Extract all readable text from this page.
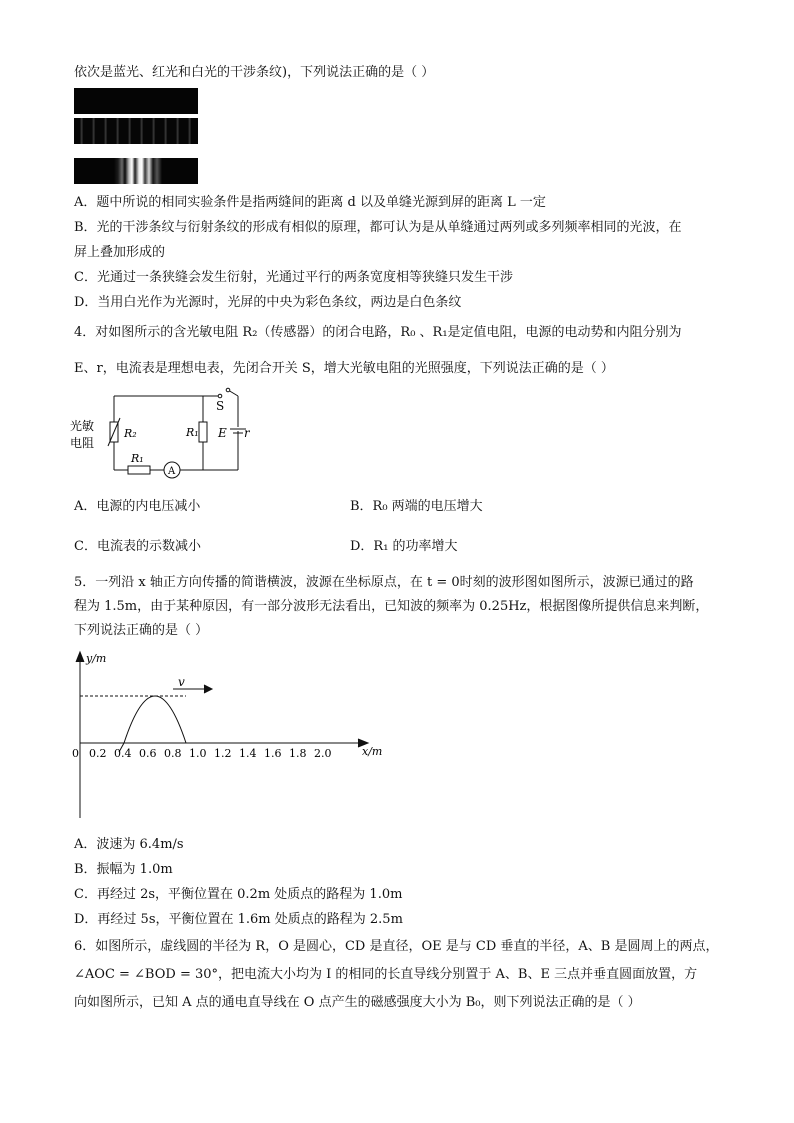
依次是蓝光、红光和白光的干涉条纹)，下列说法正确的是（ ）
A．题中所说的相同实验条件是指两缝间的距离 d 以及单缝光源到屏的距离 L 一定
B．光的干涉条纹与衍射条纹的形成有相似的原理，都可认为是从单缝通过两列或多列频率相同的光波，在
屏上叠加形成的
C．光通过一条狭缝会发生衍射，光通过平行的两条宽度相等狭缝只发生干涉
D．当用白光作为光源时，光屏的中央为彩色条纹，两边是白色条纹
4．对如图所示的含光敏电阻 R₂（传感器）的闭合电路，R₀ 、R₁是定值电阻，电源的电动势和内阻分别为
E、r，电流表是理想电表，先闭合开关 S，增大光敏电阻的光照强度，下列说法正确的是（ ）
光敏
电阻
R₂	R₁
R₁
S
E r
A
A．电源的内电压减小	B．R₀ 两端的电压增大
C．电流表的示数减小	D．R₁ 的功率增大
5．一列沿 x 轴正方向传播的简谐横波，波源在坐标原点，在 t = 0时刻的波形图如图所示，波源已通过的路
程为 1.5m，由于某种原因，有一部分波形无法看出，已知波的频率为 0.25Hz，根据图像所提供信息来判断，
下列说法正确的是（ ）
y/m
x/m
0
v
0.2 0.4 0.6 0.8 1.0 1.2 1.4 1.6 1.8 2.0
A．波速为 6.4m/s
B．振幅为 1.0m
C．再经过 2s，平衡位置在 0.2m 处质点的路程为 1.0m
D．再经过 5s，平衡位置在 1.6m 处质点的路程为 2.5m
6．如图所示，虚线圆的半径为 R，O 是圆心，CD 是直径，OE 是与 CD 垂直的半径，A、B 是圆周上的两点，
∠AOC = ∠BOD = 30°，把电流大小均为 I 的相同的长直导线分别置于 A、B、E 三点并垂直圆面放置，方
向如图所示，已知 A 点的通电直导线在 O 点产生的磁感强度大小为 B₀，则下列说法正确的是（ ）
